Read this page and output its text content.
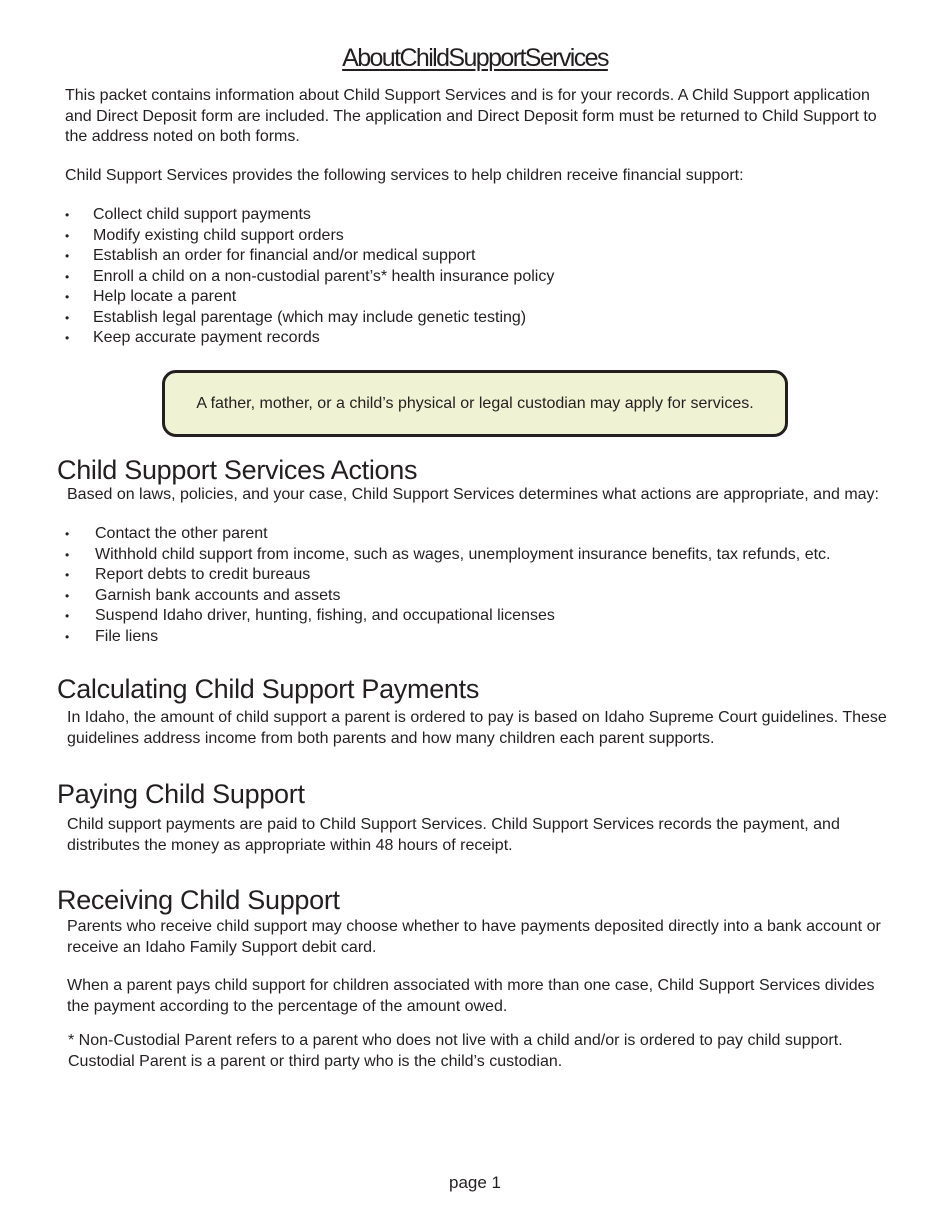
AboutChildSupportServices

This packet contains information about Child Support Services and is for your records. A Child Support application and Direct Deposit form are included. The application and Direct Deposit form must be returned to Child Support to the address noted on both forms.

Child Support Services provides the following services to help children receive financial support:

• Collect child support payments
• Modify existing child support orders
• Establish an order for financial and/or medical support
• Enroll a child on a non-custodial parent’s* health insurance policy
• Help locate a parent
• Establish legal parentage (which may include genetic testing)
• Keep accurate payment records
A father, mother, or a child’s physical or legal custodian may apply for services.
Child Support Services Actions

Based on laws, policies, and your case, Child Support Services determines what actions are appropriate, and may:

• Contact the other parent
• Withhold child support from income, such as wages, unemployment insurance benefits, tax refunds, etc.
• Report debts to credit bureaus
• Garnish bank accounts and assets
• Suspend Idaho driver, hunting, fishing, and occupational licenses
• File liens
Calculating Child Support Payments

In Idaho, the amount of child support a parent is ordered to pay is based on Idaho Supreme Court guidelines. These guidelines address income from both parents and how many children each parent supports.

Paying Child Support

Child support payments are paid to Child Support Services. Child Support Services records the payment, and distributes the money as appropriate within 48 hours of receipt.

Receiving Child Support

Parents who receive child support may choose whether to have payments deposited directly into a bank account or receive an Idaho Family Support debit card.

When a parent pays child support for children associated with more than one case, Child Support Services divides the payment according to the percentage of the amount owed.

* Non-Custodial Parent refers to a parent who does not live with a child and/or is ordered to pay child support. Custodial Parent is a parent or third party who is the child’s custodian.

page 1
